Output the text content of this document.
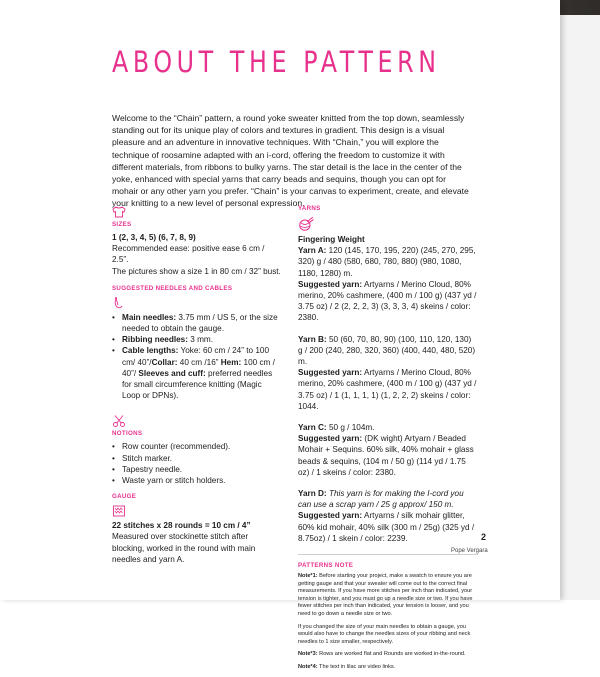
ABOUT THE PATTERN

Welcome to the “Chain” pattern, a round yoke sweater knitted from the top down, seamlessly standing out for its unique play of colors and textures in gradient. This design is a visual pleasure and an adventure in innovative techniques. With “Chain,” you will explore the technique of roosamine adapted with an i-cord, offering the freedom to customize it with different materials, from ribbons to bulky yarns. The star detail is the lace in the center of the yoke, enhanced with special yarns that carry beads and sequins, though you can opt for mohair or any other yarn you prefer. “Chain” is your canvas to experiment, create, and elevate your knitting to a new level of personal expression.

SIZES

1 (2, 3, 4, 5) (6, 7, 8, 9)

Recommended ease: positive ease 6 cm / 2.5”.

The pictures show a size 1 in 80 cm / 32” bust.

SUGGESTED NEEDLES AND CABLES
• Main needles: 3.75 mm / US 5, or the size needed to obtain the gauge.
• Ribbing needles: 3 mm.
• Cable lengths: Yoke: 60 cm / 24” to 100 cm/ 40”/Collar: 40 cm /16” Hem: 100 cm / 40”/ Sleeves and cuff: preferred needles for small circumference knitting (Magic Loop or DPNs).
NOTIONS
• Row counter (recommended).
• Stitch marker.
• Tapestry needle.
• Waste yarn or stitch holders.
GAUGE

22 stitches x 28 rounds = 10 cm / 4”

Measured over stockinette stitch after blocking, worked in the round with main needles and yarn A.

YARNS

Fingering Weight

Yarn A: 120 (145, 170, 195, 220) (245, 270, 295, 320) g / 480 (580, 680, 780, 880) (980, 1080, 1180, 1280) m.

Suggested yarn: Artyarns / Merino Cloud, 80% merino, 20% cashmere, (400 m / 100 g) (437 yd / 3.75 oz) / 2 (2, 2, 2, 3) (3, 3, 3, 4) skeins / color: 2380.

Yarn B: 50 (60, 70, 80, 90) (100, 110, 120, 130) g / 200 (240, 280, 320, 360) (400, 440, 480, 520) m.

Suggested yarn: Artyarns / Merino Cloud, 80% merino, 20% cashmere, (400 m / 100 g) (437 yd / 3.75 oz) / 1 (1, 1, 1, 1) (1, 2, 2, 2) skeins / color: 1044.

Yarn C: 50 g / 104m.

Suggested yarn: (DK wight) Artyarn / Beaded Mohair + Sequins. 60% silk, 40% mohair + glass beads & sequins, (104 m / 50 g) (114 yd / 1.75 oz) / 1 skeins / color: 2380.

Yarn D: This yarn is for making the I-cord you can use a scrap yarn / 25 g approx/ 150 m.

Suggested yarn: Artyarns / silk mohair glitter, 60% kid mohair, 40% silk (300 m / 25g) (325 yd / 8.75oz) / 1 skein / color: 2239.

PATTERNS NOTE

Note*1: Before starting your project, make a swatch to ensure you are getting gauge and that your sweater will come out to the correct final measurements. If you have more stitches per inch than indicated, your tension is tighter, and you must go up a needle size or two. If you have fewer stitches per inch than indicated, your tension is looser, and you need to go down a needle size or two.

If you changed the size of your main needles to obtain a gauge, you would also have to change the needles sizes of your ribbing and neck needles to 1 size smaller, respectively.

Note*3: Rows are worked flat and Rounds are worked in-the-round.

Note*4: The text in lilac are video links.

2
Pope Vergara
